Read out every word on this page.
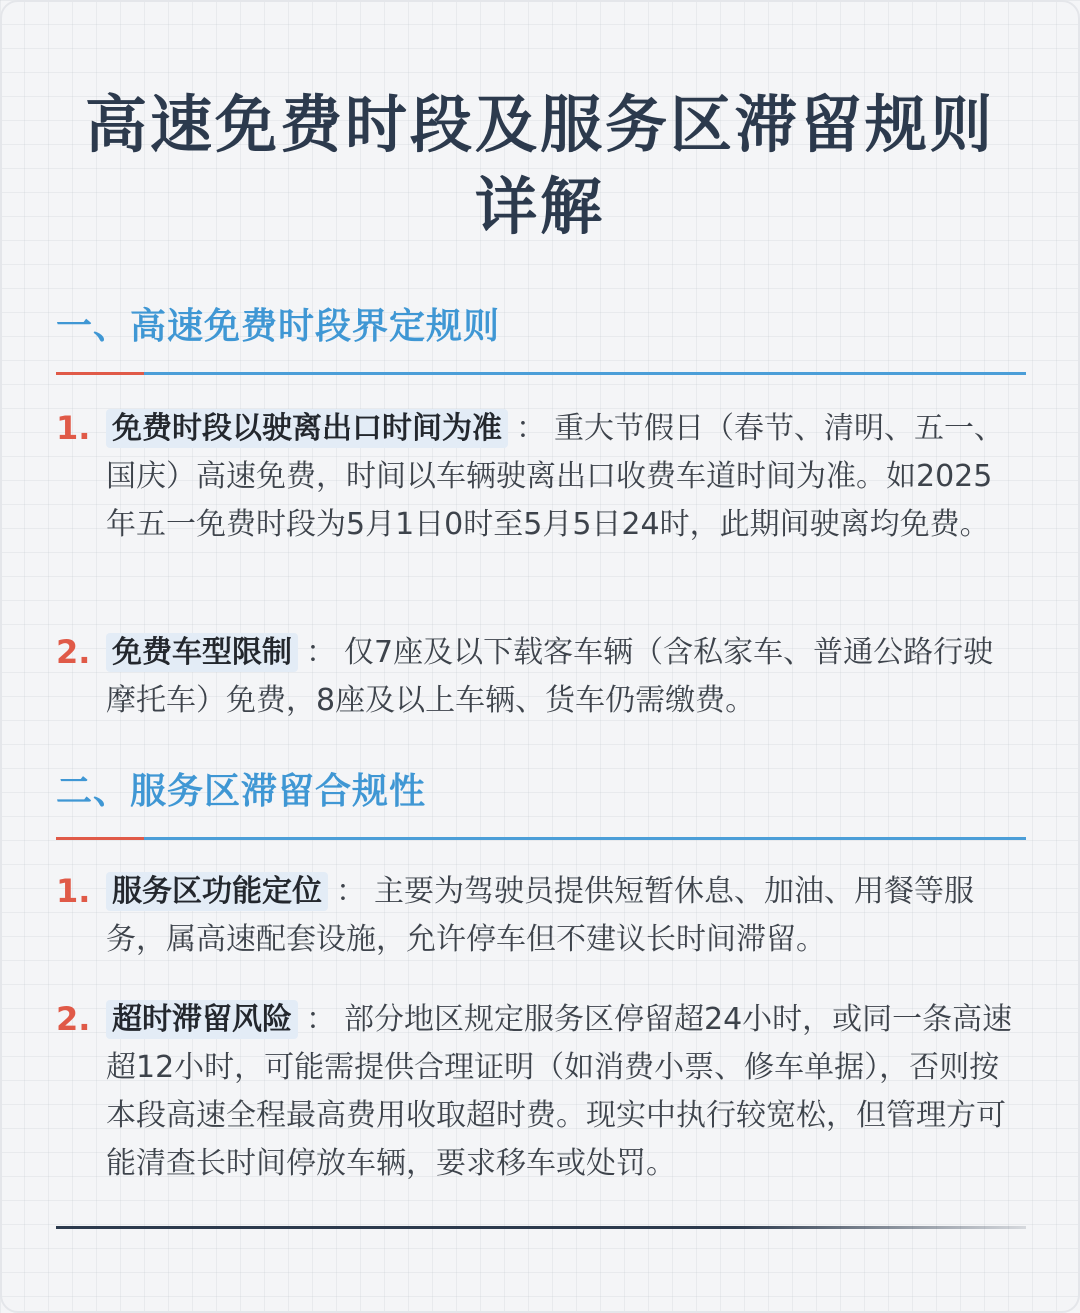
高速免费时段及服务区滞留规则详解
一、高速免费时段界定规则
1. 免费时段以驶离出口时间为准 ： 重大节假日（春节、清明、五一、国庆）高速免费，时间以车辆驶离出口收费车道时间为准。如2025年五一免费时段为5月1日0时至5月5日24时，此期间驶离均免费。

2. 免费车型限制 ： 仅7座及以下载客车辆（含私家车、普通公路行驶摩托车）免费，8座及以上车辆、货车仍需缴费。

二、服务区滞留合规性
1. 服务区功能定位 ： 主要为驾驶员提供短暂休息、加油、用餐等服务，属高速配套设施，允许停车但不建议长时间滞留。

2. 超时滞留风险 ： 部分地区规定服务区停留超24小时，或同一条高速超12小时，可能需提供合理证明（如消费小票、修车单据），否则按本段高速全程最高费用收取超时费。现实中执行较宽松，但管理方可能清查长时间停放车辆，要求移车或处罚。
